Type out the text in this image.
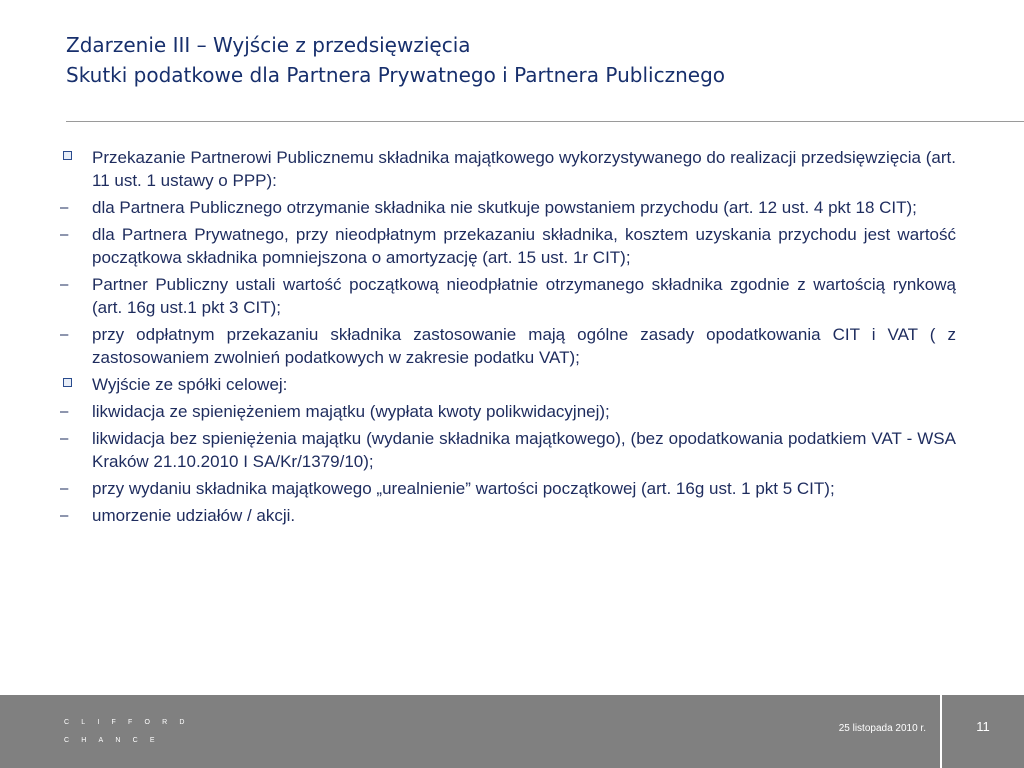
Zdarzenie III – Wyjście z przedsięwzięcia
Skutki podatkowe dla Partnera Prywatnego i Partnera Publicznego
Przekazanie Partnerowi Publicznemu składnika majątkowego wykorzystywanego do realizacji przedsięwzięcia (art. 11 ust. 1 ustawy o PPP):
– dla Partnera Publicznego otrzymanie składnika nie skutkuje powstaniem przychodu (art. 12 ust. 4 pkt 18 CIT);
– dla Partnera Prywatnego, przy nieodpłatnym przekazaniu składnika, kosztem uzyskania przychodu jest wartość początkowa składnika pomniejszona o amortyzację (art. 15 ust. 1r CIT);
– Partner Publiczny ustali wartość początkową nieodpłatnie otrzymanego składnika zgodnie z wartością rynkową (art. 16g ust.1 pkt 3 CIT);
– przy odpłatnym przekazaniu składnika zastosowanie mają ogólne zasady opodatkowania CIT i VAT ( z zastosowaniem zwolnień podatkowych w zakresie podatku VAT);
Wyjście ze spółki celowej:
– likwidacja ze spieniężeniem majątku (wypłata kwoty polikwidacyjnej);
– likwidacja bez spieniężenia majątku (wydanie składnika majątkowego), (bez opodatkowania podatkiem VAT - WSA Kraków 21.10.2010 I SA/Kr/1379/10);
– przy wydaniu składnika majątkowego „urealnienie” wartości początkowej (art. 16g ust. 1 pkt 5 CIT);
– umorzenie udziałów / akcji.
CLIFFORD
CHANCE
25 listopada 2010 r.	11
